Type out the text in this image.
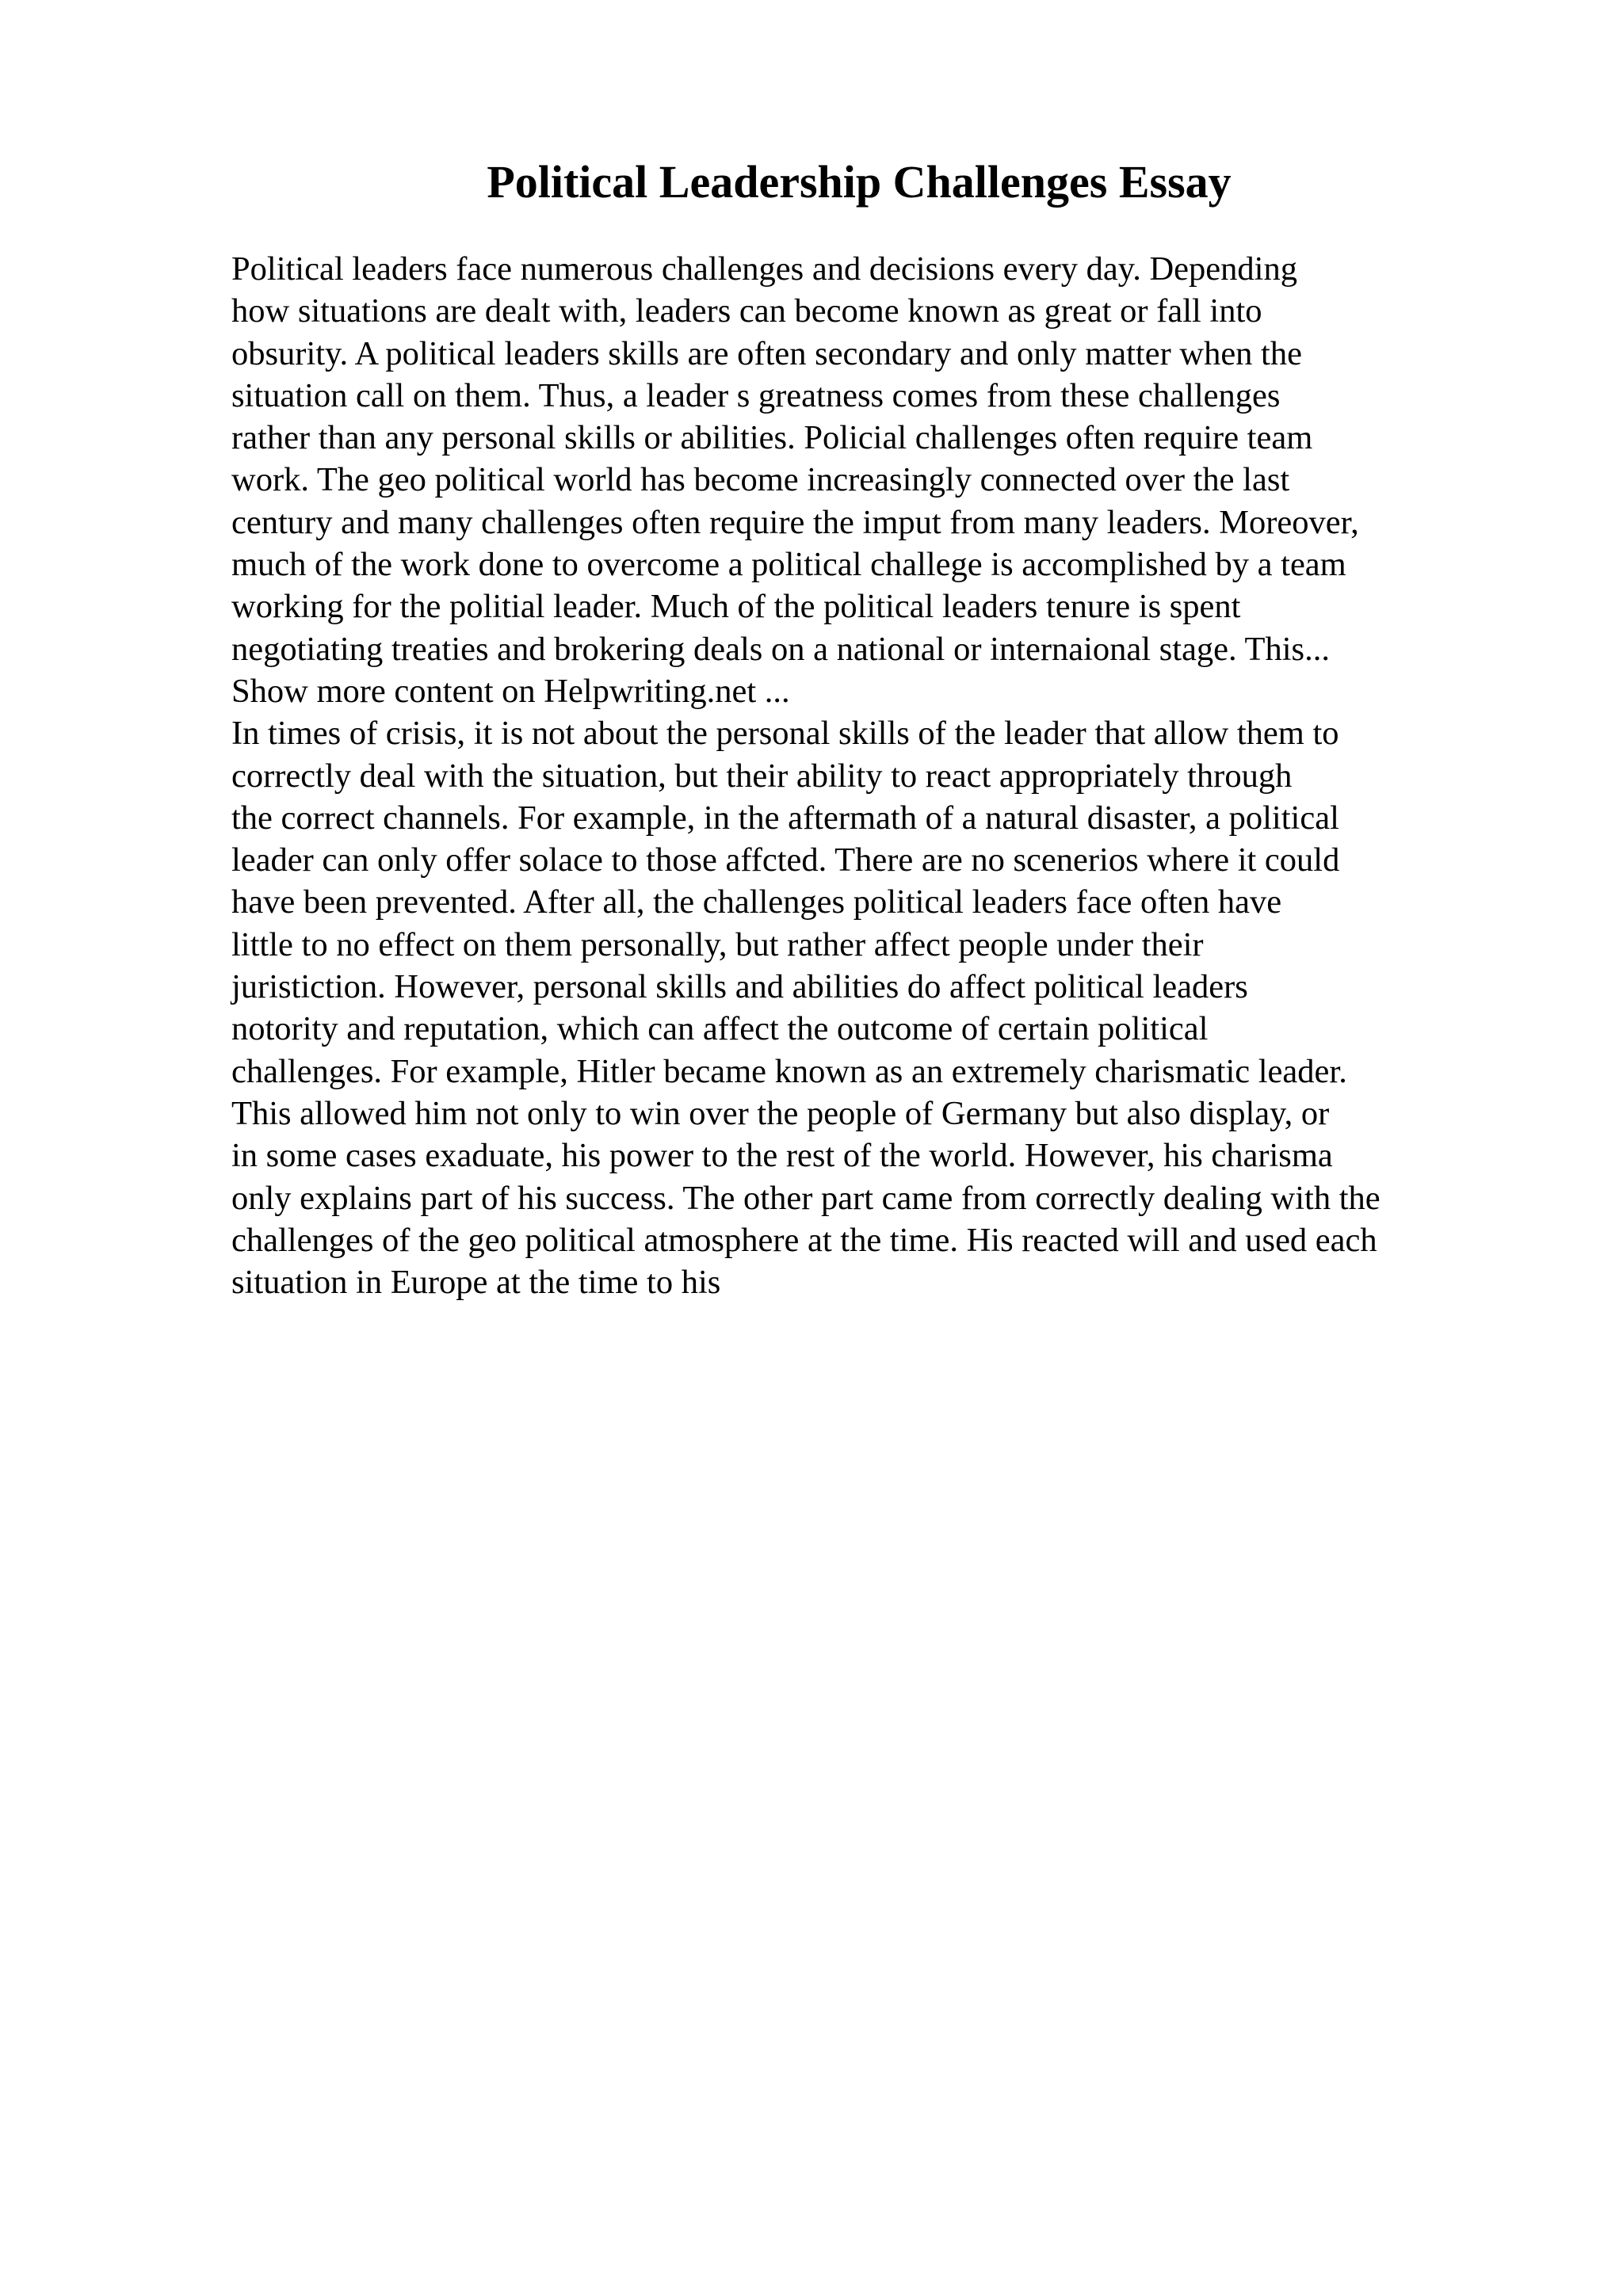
Political Leadership Challenges Essay
Political leaders face numerous challenges and decisions every day. Depending
how situations are dealt with, leaders can become known as great or fall into
obsurity. A political leaders skills are often secondary and only matter when the
situation call on them. Thus, a leader s greatness comes from these challenges
rather than any personal skills or abilities. Policial challenges often require team
work. The geo political world has become increasingly connected over the last
century and many challenges often require the imput from many leaders. Moreover,
much of the work done to overcome a political challege is accomplished by a team
working for the politial leader. Much of the political leaders tenure is spent
negotiating treaties and brokering deals on a national or internaional stage. This...
Show more content on Helpwriting.net ...
In times of crisis, it is not about the personal skills of the leader that allow them to
correctly deal with the situation, but their ability to react appropriately through
the correct channels. For example, in the aftermath of a natural disaster, a political
leader can only offer solace to those affcted. There are no scenerios where it could
have been prevented. After all, the challenges political leaders face often have
little to no effect on them personally, but rather affect people under their
juristiction. However, personal skills and abilities do affect political leaders
notority and reputation, which can affect the outcome of certain political
challenges. For example, Hitler became known as an extremely charismatic leader.
This allowed him not only to win over the people of Germany but also display, or
in some cases exaduate, his power to the rest of the world. However, his charisma
only explains part of his success. The other part came from correctly dealing with the
challenges of the geo political atmosphere at the time. His reacted will and used each
situation in Europe at the time to his
